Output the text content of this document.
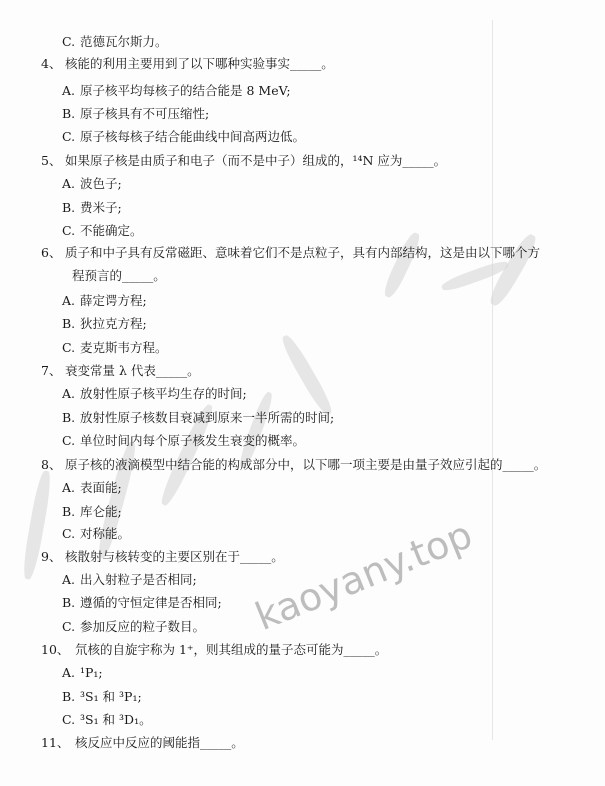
kaoyany.top
C. 范德瓦尔斯力。
4、 核能的利用主要用到了以下哪种实验事实_____。
A. 原子核平均每核子的结合能是 8 MeV;
B. 原子核具有不可压缩性;
C. 原子核每核子结合能曲线中间高两边低。
5、 如果原子核是由质子和电子（而不是中子）组成的，¹⁴N 应为_____。
A. 波色子;
B. 费米子;
C. 不能确定。
6、 质子和中子具有反常磁距、意味着它们不是点粒子，具有内部结构，这是由以下哪个方
程预言的_____。
A. 薛定谔方程;
B. 狄拉克方程;
C. 麦克斯韦方程。
7、 衰变常量 λ 代表_____。
A. 放射性原子核平均生存的时间;
B. 放射性原子核数目衰减到原来一半所需的时间;
C. 单位时间内每个原子核发生衰变的概率。
8、 原子核的液滴模型中结合能的构成部分中，以下哪一项主要是由量子效应引起的_____。
A. 表面能;
B. 库仑能;
C. 对称能。
9、 核散射与核转变的主要区别在于_____。
A. 出入射粒子是否相同;
B. 遵循的守恒定律是否相同;
C. 参加反应的粒子数目。
10、 氘核的自旋宇称为 1⁺，则其组成的量子态可能为_____。
A. ¹P₁;
B. ³S₁ 和 ³P₁;
C. ³S₁ 和 ³D₁。
11、 核反应中反应的阈能指_____。
